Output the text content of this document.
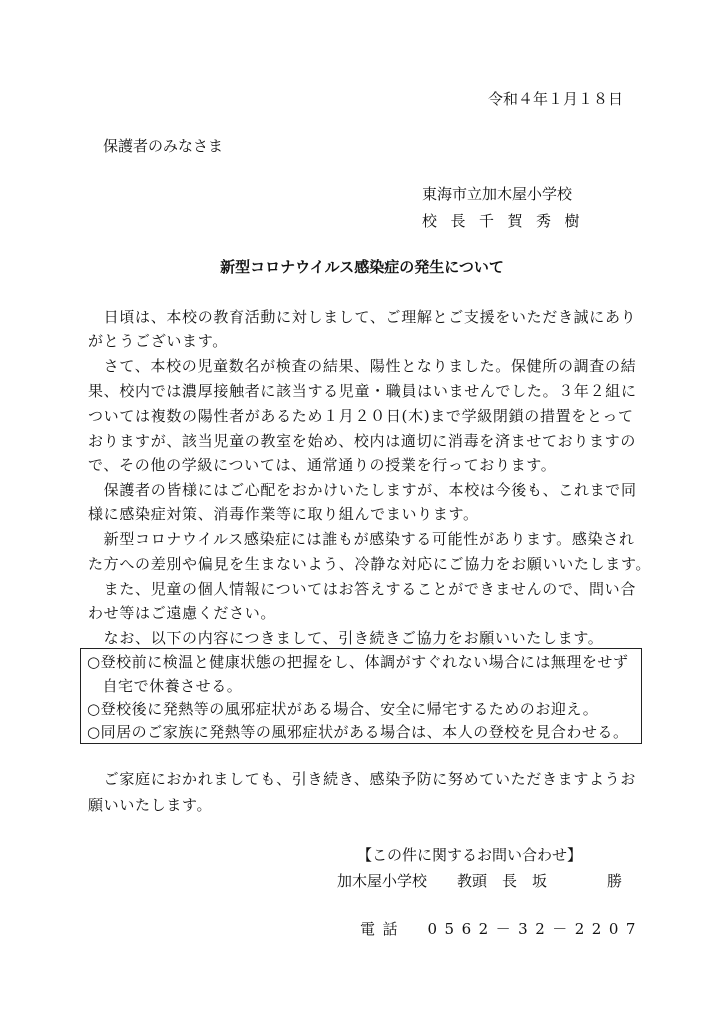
令和４年１月１８日
保護者のみなさま
東海市立加木屋小学校
校長千賀秀樹
新型コロナウイルス感染症の発生について
　日頃は、本校の教育活動に対しまして、ご理解とご支援をいただき誠にあり
がとうございます。
　さて、本校の児童数名が検査の結果、陽性となりました。保健所の調査の結
果、校内では濃厚接触者に該当する児童・職員はいませんでした。３年２組に
ついては複数の陽性者があるため１月２０日(木)まで学級閉鎖の措置をとって
おりますが、該当児童の教室を始め、校内は適切に消毒を済ませておりますの
で、その他の学級については、通常通りの授業を行っております。
　保護者の皆様にはご心配をおかけいたしますが、本校は今後も、これまで同
様に感染症対策、消毒作業等に取り組んでまいります。
　新型コロナウイルス感染症には誰もが感染する可能性があります。感染され
た方への差別や偏見を生まないよう、冷静な対応にご協力をお願いいたします。
　また、児童の個人情報についてはお答えすることができませんので、問い合
わせ等はご遠慮ください。
　なお、以下の内容につきまして、引き続きご協力をお願いいたします。
○登校前に検温と健康状態の把握をし、体調がすぐれない場合には無理をせず
　自宅で休養させる。
○登校後に発熱等の風邪症状がある場合、安全に帰宅するためのお迎え。
○同居のご家族に発熱等の風邪症状がある場合は、本人の登校を見合わせる。
　ご家庭におかれましても、引き続き、感染予防に努めていただきますようお
願いいたします。
【この件に関するお問い合わせ】
加木屋小学校　　教頭　長　坂　　　　勝
電話　0562－32－2207
